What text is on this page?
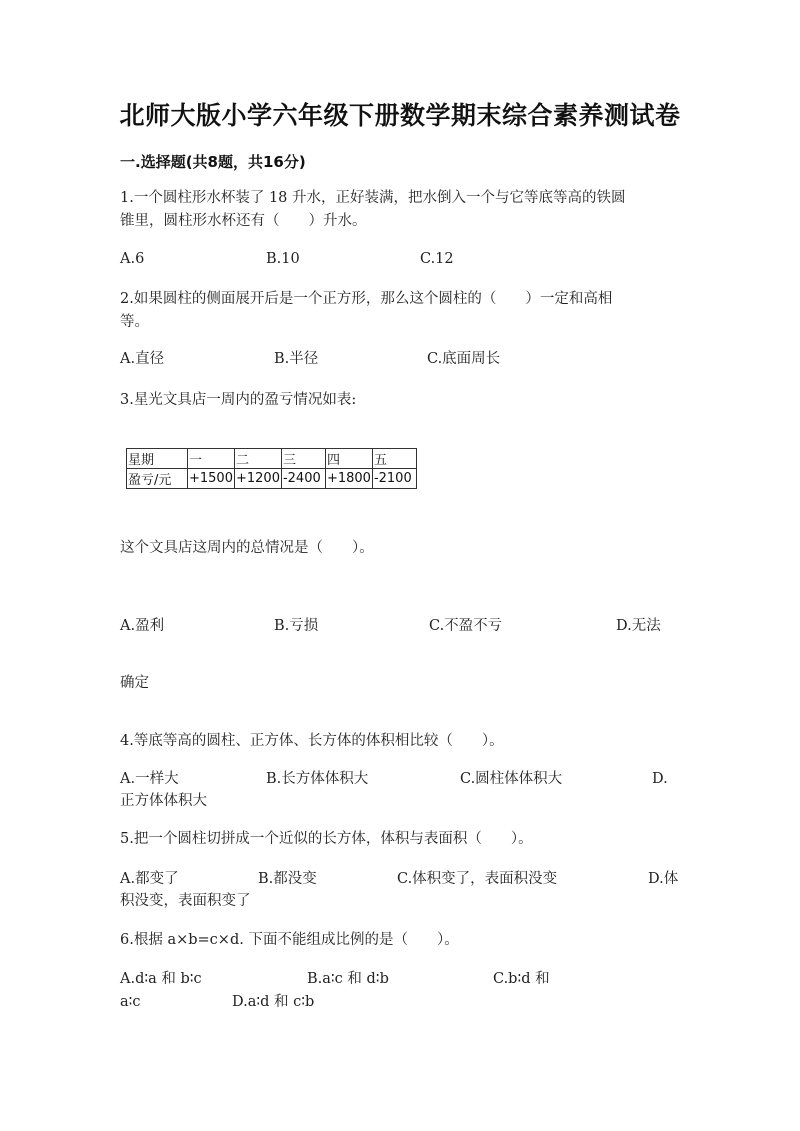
北师大版小学六年级下册数学期末综合素养测试卷
一.选择题(共8题，共16分)
1.一个圆柱形水杯装了 18 升水，正好装满，把水倒入一个与它等底等高的铁圆
锥里，圆柱形水杯还有（　　）升水。
A.6	B.10	C.12
2.如果圆柱的侧面展开后是一个正方形，那么这个圆柱的（　　）一定和高相
等。
A.直径	B.半径	C.底面周长
3.星光文具店一周内的盈亏情况如表:
星期	一	二	三	四	五
盈亏/元	+1500	+1200	-2400	+1800	-2100
这个文具店这周内的总情况是（　　）。
A.盈利	B.亏损	C.不盈不亏	D.无法
确定
4.等底等高的圆柱、正方体、长方体的体积相比较（　　）。
A.一样大	B.长方体体积大	C.圆柱体体积大	D.
正方体体积大
5.把一个圆柱切拼成一个近似的长方体，体积与表面积（　　）。
A.都变了	B.都没变	C.体积变了，表面积没变	D.体
积没变，表面积变了
6.根据 a×b=c×d. 下面不能组成比例的是（　　）。
A.d∶a 和 b∶c	B.a∶c 和 d∶b	C.b∶d 和
a∶c	D.a∶d 和 c∶b
